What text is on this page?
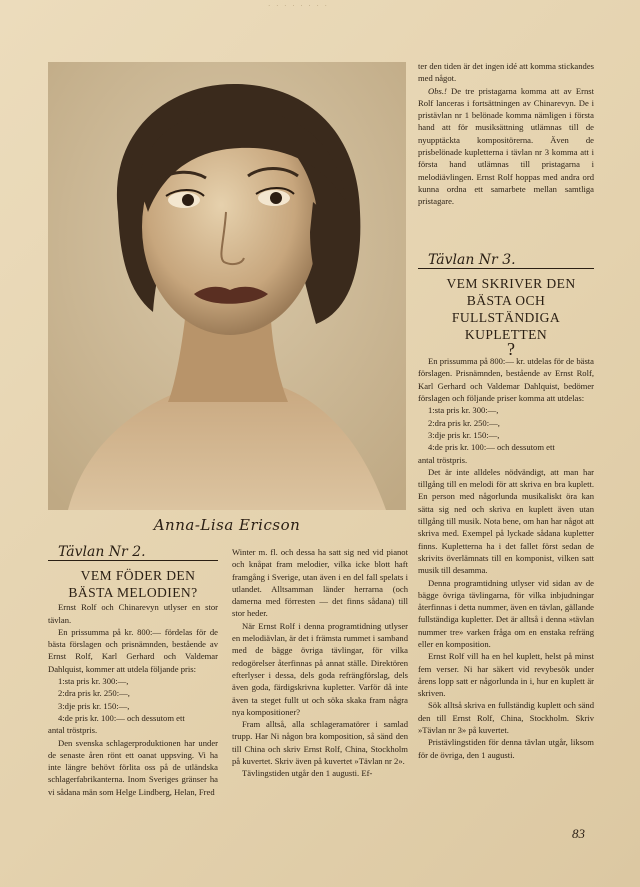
· · · · · · · ·
Anna-Lisa Ericson

Tävlan Nr 2.

VEM FÖDER DEN BÄSTA MELODIEN?

Ernst Rolf och Chinarevyn utlyser en stor tävlan.

En prissumma på kr. 800:— fördelas för de bästa förslagen och prisnämnden, bestående av Ernst Rolf, Karl Gerhard och Valdemar Dahlquist, kommer att utdela följande pris:

1:sta pris kr. 300:—,

2:dra pris kr. 250:—,

3:dje pris kr. 150:—,

4:de pris kr. 100:— och dessutom ett

antal tröstpris.

Den svenska schlagerproduktionen har under de senaste åren rönt ett oanat uppsving. Vi ha inte längre behövt förlita oss på de utländska schlagerfabrikanterna. Inom Sveriges gränser ha vi sådana män som Helge Lindberg, Helan, Fred

Winter m. fl. och dessa ha satt sig ned vid pianot och knåpat fram melodier, vilka icke blott haft framgång i Sverige, utan även i en del fall spelats i utlandet. Alltsamman länder herrarna (och damerna med förresten — det finns sådana) till stor heder.

När Ernst Rolf i denna programtidning utlyser en melodiävlan, är det i främsta rummet i samband med de bägge övriga tävlingar, för vilka redogörelser återfinnas på annat ställe. Direktören efterlyser i dessa, dels goda refrängförslag, dels även goda, färdigskrivna kupletter. Varför då inte även ta steget fullt ut och söka skaka fram några nya kompositioner?

Fram alltså, alla schlageramatörer i samlad trupp. Har Ni någon bra komposition, så sänd den till China och skriv Ernst Rolf, China, Stockholm på kuvertet. Skriv även på kuvertet »Tävlan nr 2».

Tävlingstiden utgår den 1 augusti. Ef-

ter den tiden är det ingen idé att komma stickandes med något.

Obs.! De tre pristagarna komma att av Ernst Rolf lanceras i fortsättningen av Chinarevyn. De i pristävlan nr 1 belönade komma nämligen i första hand att för musiksättning utlämnas till de nyupptäckta kompositörerna. Även de prisbelönade kupletterna i tävlan nr 3 komma att i första hand utlämnas till pristagarna i melodiävlingen. Ernst Rolf hoppas med andra ord kunna ordna ett samarbete mellan samtliga pristagare.

Tävlan Nr 3.

VEM SKRIVER DEN BÄSTA OCH FULLSTÄNDIGA KUPLETTEN

?

En prissumma på 800:— kr. utdelas för de bästa förslagen. Prisnämnden, bestående av Ernst Rolf, Karl Gerhard och Valdemar Dahlquist, bedömer förslagen och följande priser komma att utdelas:

1:sta pris kr. 300:—,

2:dra pris kr. 250:—,

3:dje pris kr. 150:—,

4:de pris kr. 100:— och dessutom ett

antal tröstpris.

Det är inte alldeles nödvändigt, att man har tillgång till en melodi för att skriva en bra kuplett. En person med någorlunda musikaliskt öra kan sätta sig ned och skriva en kuplett även utan tillgång till musik. Nota bene, om han har något att skriva med. Exempel på lyckade sådana kupletter finns. Kupletterna ha i det fallet först sedan de skrivits överlämnats till en komponist, vilken satt musik till desamma.

Denna programtidning utlyser vid sidan av de bägge övriga tävlingarna, för vilka inbjudningar återfinnas i detta nummer, även en tävlan, gällande fullständiga kupletter. Det är alltså i denna »tävlan nummer tre» varken fråga om en enstaka refräng eller en komposition.

Ernst Rolf vill ha en hel kuplett, helst på minst fem verser. Ni har säkert vid revybesök under årens lopp satt er någorlunda in i, hur en kuplett är skriven.

Sök alltså skriva en fullständig kuplett och sänd den till Ernst Rolf, China, Stockholm. Skriv »Tävlan nr 3» på kuvertet.

Pristävlingstiden för denna tävlan utgår, liksom för de övriga, den 1 augusti.

83
